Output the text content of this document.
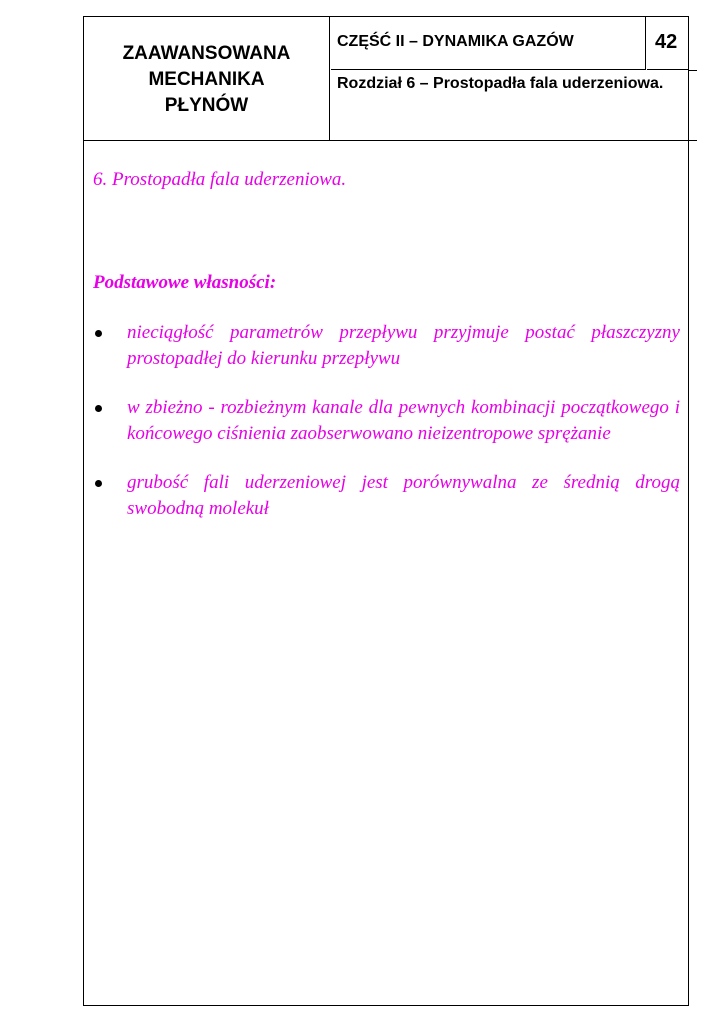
ZAAWANSOWANA
MECHANIKA
PŁYNÓW
CZĘŚĆ II – DYNAMIKA GAZÓW	42
Rozdział 6 – Prostopadła fala uderzeniowa.

6. Prostopadła fala uderzeniowa.

Podstawowe własności:

nieciągłość parametrów przepływu przyjmuje postać płaszczyzny prostopadłej do kierunku przepływu
w zbieżno - rozbieżnym kanale dla pewnych kombinacji początkowego i końcowego ciśnienia zaobserwowano nieizentropowe sprężanie
grubość fali uderzeniowej jest porównywalna ze średnią drogą swobodną molekuł
